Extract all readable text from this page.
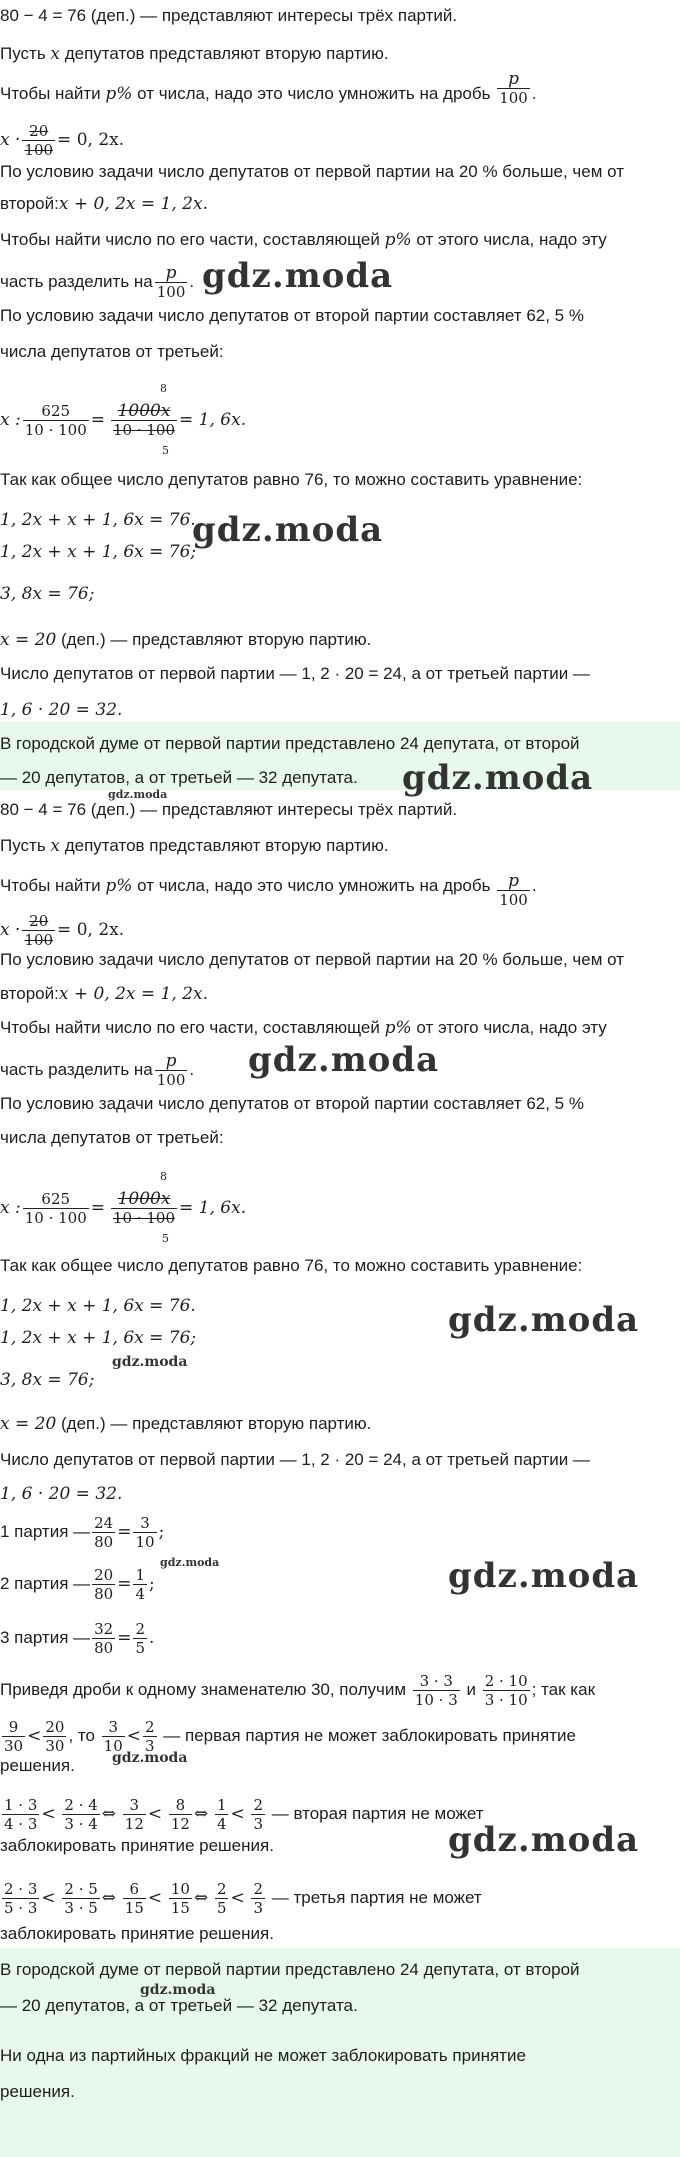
80 − 4 = 76 (деп.) — представляют интересы трёх партий.
Пусть x депутатов представляют вторую партию.
Чтобы найти p% от числа, надо это число умножить на дробь $\frac{p}{100}$ .
$x \cdot \frac{20}{100} = 0$, 2x.
По условию задачи число депутатов от первой партии на 20 % больше, чем от
второй:x + 0, 2x = 1, 2x.
Чтобы найти число по его части, составляющей p% от этого числа, надо эту
часть разделить на $\frac{p}{100}$ . gdz.moda
По условию задачи число депутатов от второй партии составляет 62, 5 %
числа депутатов от третьей:
x : $\frac{625}{10 \cdot 100} = \frac{1000x}{10 \cdot 100} = 1$, 6x.
8
5
Так как общее число депутатов равно 76, то можно составить уравнение:
1, 2x + x + 1, 6x = 76.
1, 2x + x + 1, 6x = 76;
gdz.moda
3, 8x = 76;
x = 20 (деп.) — представляют вторую партию.
Число депутатов от первой партии — 1, 2 · 20 = 24, а от третьей партии —
1, 6 · 20 = 32.
В городской думе от первой партии представлено 24 депутата, от второй
— 20 депутатов, а от третьей — 32 депутата.	gdz.moda
gdz.moda
80 − 4 = 76 (деп.) — представляют интересы трёх партий.
Пусть x депутатов представляют вторую партию.
Чтобы найти p% от числа, надо это число умножить на дробь $\frac{p}{100}$ .
$x \cdot \frac{20}{100} = 0$, 2x.
По условию задачи число депутатов от первой партии на 20 % больше, чем от
второй:x + 0, 2x = 1, 2x.
Чтобы найти число по его части, составляющей p% от этого числа, надо эту
часть разделить на $\frac{p}{100}$ .	gdz.moda
По условию задачи число депутатов от второй партии составляет 62, 5 %
числа депутатов от третьей:
x : $\frac{625}{10 \cdot 100} = \frac{1000x}{10 \cdot 100} = 1$, 6x.
8
5
Так как общее число депутатов равно 76, то можно составить уравнение:
1, 2x + x + 1, 6x = 76.
1, 2x + x + 1, 6x = 76;	gdz.moda
gdz.moda
3, 8x = 76;
x = 20 (деп.) — представляют вторую партию.
Число депутатов от первой партии — 1, 2 · 20 = 24, а от третьей партии —
1, 6 · 20 = 32.
1 партия — $\frac{24}{80} = \frac{3}{10}$ ;
2 партия — $\frac{20}{80} = \frac{1}{4}$ ;
gdz.moda	gdz.moda
3 партия — $\frac{32}{80} = \frac{2}{5}$ .
Приведя дроби к одному знаменателю 30, получим $\frac{3 \cdot 3}{10 \cdot 3}$ и $\frac{2 \cdot 10}{3 \cdot 10}$ ; так как
$\frac{9}{30} < \frac{20}{30}$ , то $\frac{3}{10} < \frac{2}{3}$ — первая партия не может заблокировать принятие
решения.	gdz.moda
$\frac{1 \cdot 3}{4 \cdot 3} < \frac{2 \cdot 4}{3 \cdot 4}$ ⇔ $\frac{3}{12} < \frac{8}{12}$ ⇔ $\frac{1}{4} < \frac{2}{3}$ — вторая партия не может
заблокировать принятие решения.	gdz.moda
$\frac{2 \cdot 3}{5 \cdot 3} < \frac{2 \cdot 5}{3 \cdot 5}$ ⇔ $\frac{6}{15} < \frac{10}{15}$ ⇔ $\frac{2}{5} < \frac{2}{3}$ — третья партия не может
заблокировать принятие решения.
В городской думе от первой партии представлено 24 депутата, от второй
— 20 депутатов, а от третьей — 32 депутата.
gdz.moda
Ни одна из партийных фракций не может заблокировать принятие
решения.
